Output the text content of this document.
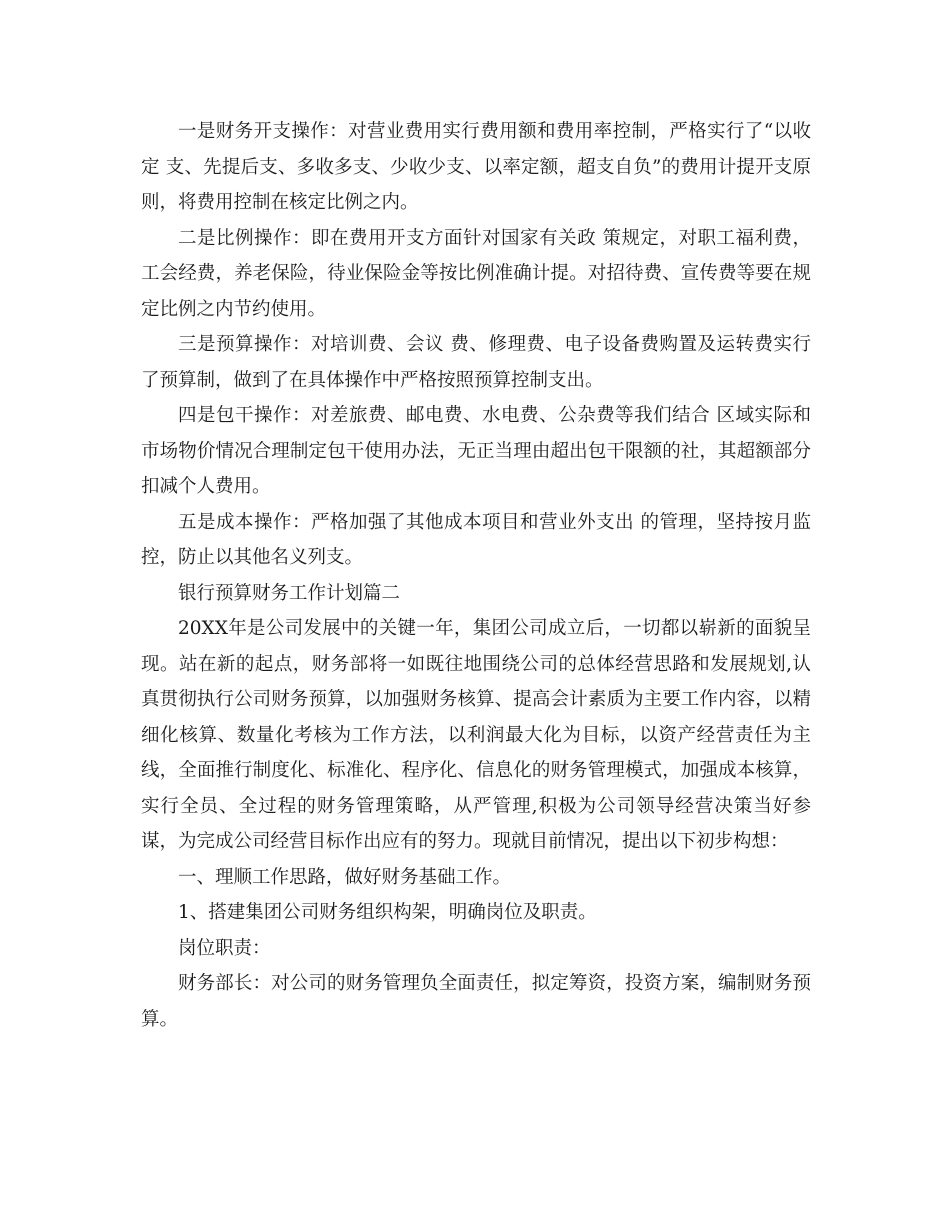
一是财务开支操作：对营业费用实行费用额和费用率控制，严格实行了“以收定 支、先提后支、多收多支、少收少支、以率定额，超支自负”的费用计提开支原则，将费用控制在核定比例之内。

二是比例操作：即在费用开支方面针对国家有关政 策规定，对职工福利费，工会经费，养老保险，待业保险金等按比例准确计提。对招待费、宣传费等要在规定比例之内节约使用。

三是预算操作：对培训费、会议 费、修理费、电子设备费购置及运转费实行了预算制，做到了在具体操作中严格按照预算控制支出。

四是包干操作：对差旅费、邮电费、水电费、公杂费等我们结合 区域实际和市场物价情况合理制定包干使用办法，无正当理由超出包干限额的社，其超额部分扣减个人费用。

五是成本操作：严格加强了其他成本项目和营业外支出 的管理，坚持按月监控，防止以其他名义列支。

银行预算财务工作计划篇二

20XX年是公司发展中的关键一年，集团公司成立后，一切都以崭新的面貌呈现。站在新的起点，财务部将一如既往地围绕公司的总体经营思路和发展规划,认真贯彻执行公司财务预算，以加强财务核算、提高会计素质为主要工作内容，以精细化核算、数量化考核为工作方法，以利润最大化为目标，以资产经营责任为主线，全面推行制度化、标准化、程序化、信息化的财务管理模式，加强成本核算，实行全员、全过程的财务管理策略，从严管理,积极为公司领导经营决策当好参谋，为完成公司经营目标作出应有的努力。现就目前情况，提出以下初步构想：

一、理顺工作思路，做好财务基础工作。

1、搭建集团公司财务组织构架，明确岗位及职责。

岗位职责：

财务部长：对公司的财务管理负全面责任，拟定筹资，投资方案，编制财务预算。
